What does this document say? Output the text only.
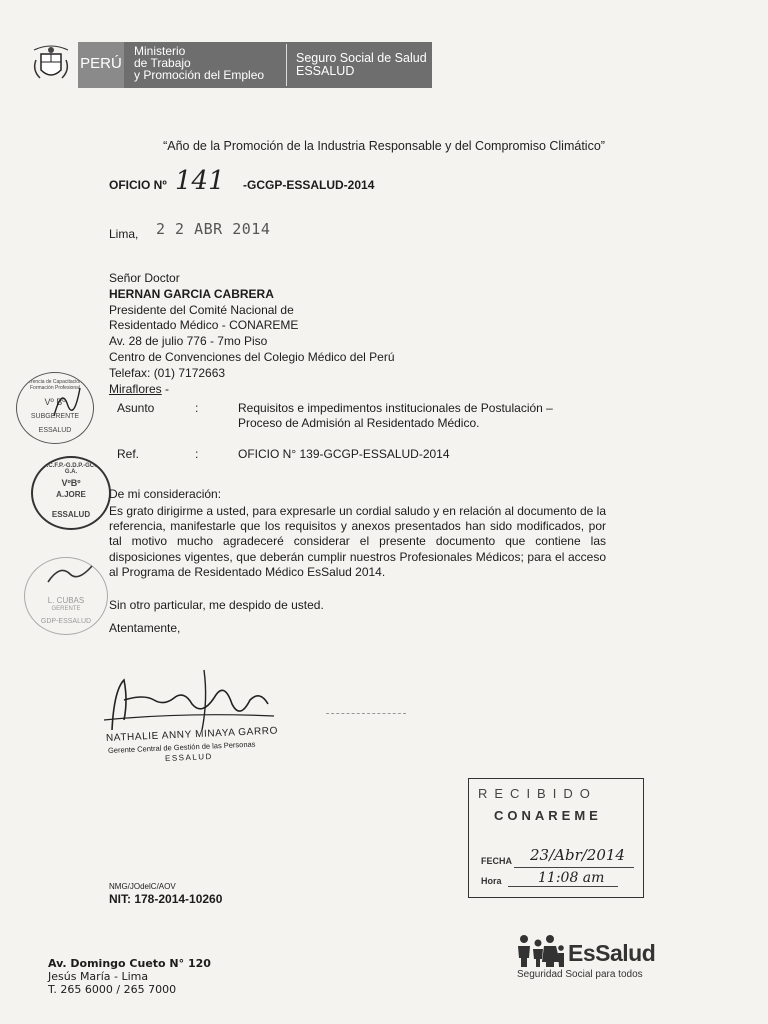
PERÚ
Ministerio
de Trabajo
y Promoción del Empleo
Seguro Social de Salud
ESSALUD
“Año de la Promoción de la Industria Responsable y del Compromiso Climático”
OFICIO Nº 141 -GCGP-ESSALUD-2014
Lima, 2 2 ABR 2014
Señor Doctor
HERNAN GARCIA CABRERA
Presidente del Comité Nacional de
Residentado Médico - CONAREME
Av. 28 de julio 776 - 7mo Piso
Centro de Convenciones del Colegio Médico del Perú
Telefax: (01) 7172663
Miraflores -
Asunto	:	Requisitos e impedimentos institucionales de Postulación – Proceso de Admisión al Residentado Médico.
Ref.	:	OFICIO N° 139-GCGP-ESSALUD-2014
De mi consideración:
Es grato dirigirme a usted, para expresarle un cordial saludo y en relación al documento de la referencia, manifestarle que los requisitos y anexos presentados han sido modificados, por tal motivo mucho agradeceré considerar el presente documento que contiene las disposiciones vigentes, que deberán cumplir nuestros Profesionales Médicos; para el acceso al Programa de Residentado Médico EsSalud 2014.
Sin otro particular, me despido de usted.
Atentamente,
Gerencia de Capacitación y Formación Profesional
Vº Bº
SUBGERENTE
ESSALUD
S.G.C.F.P.-G.D.P.-GCGP.-G.A.
VºBº
A.JORE
ESSALUD
L. CUBAS
GERENTE
GDP-ESSALUD
NATHALIE ANNY MINAYA GARRO
Gerente Central de Gestión de las Personas
ESSALUD
RECIBIDO
CONAREME
FECHA 23/Abr/2014
Hora	11:08 am
NMG/JOdelC/AOV
NIT: 178-2014-10260
Av. Domingo Cueto N° 120
Jesús María - Lima
T. 265 6000 / 265 7000
EsSalud
Seguridad Social para todos
